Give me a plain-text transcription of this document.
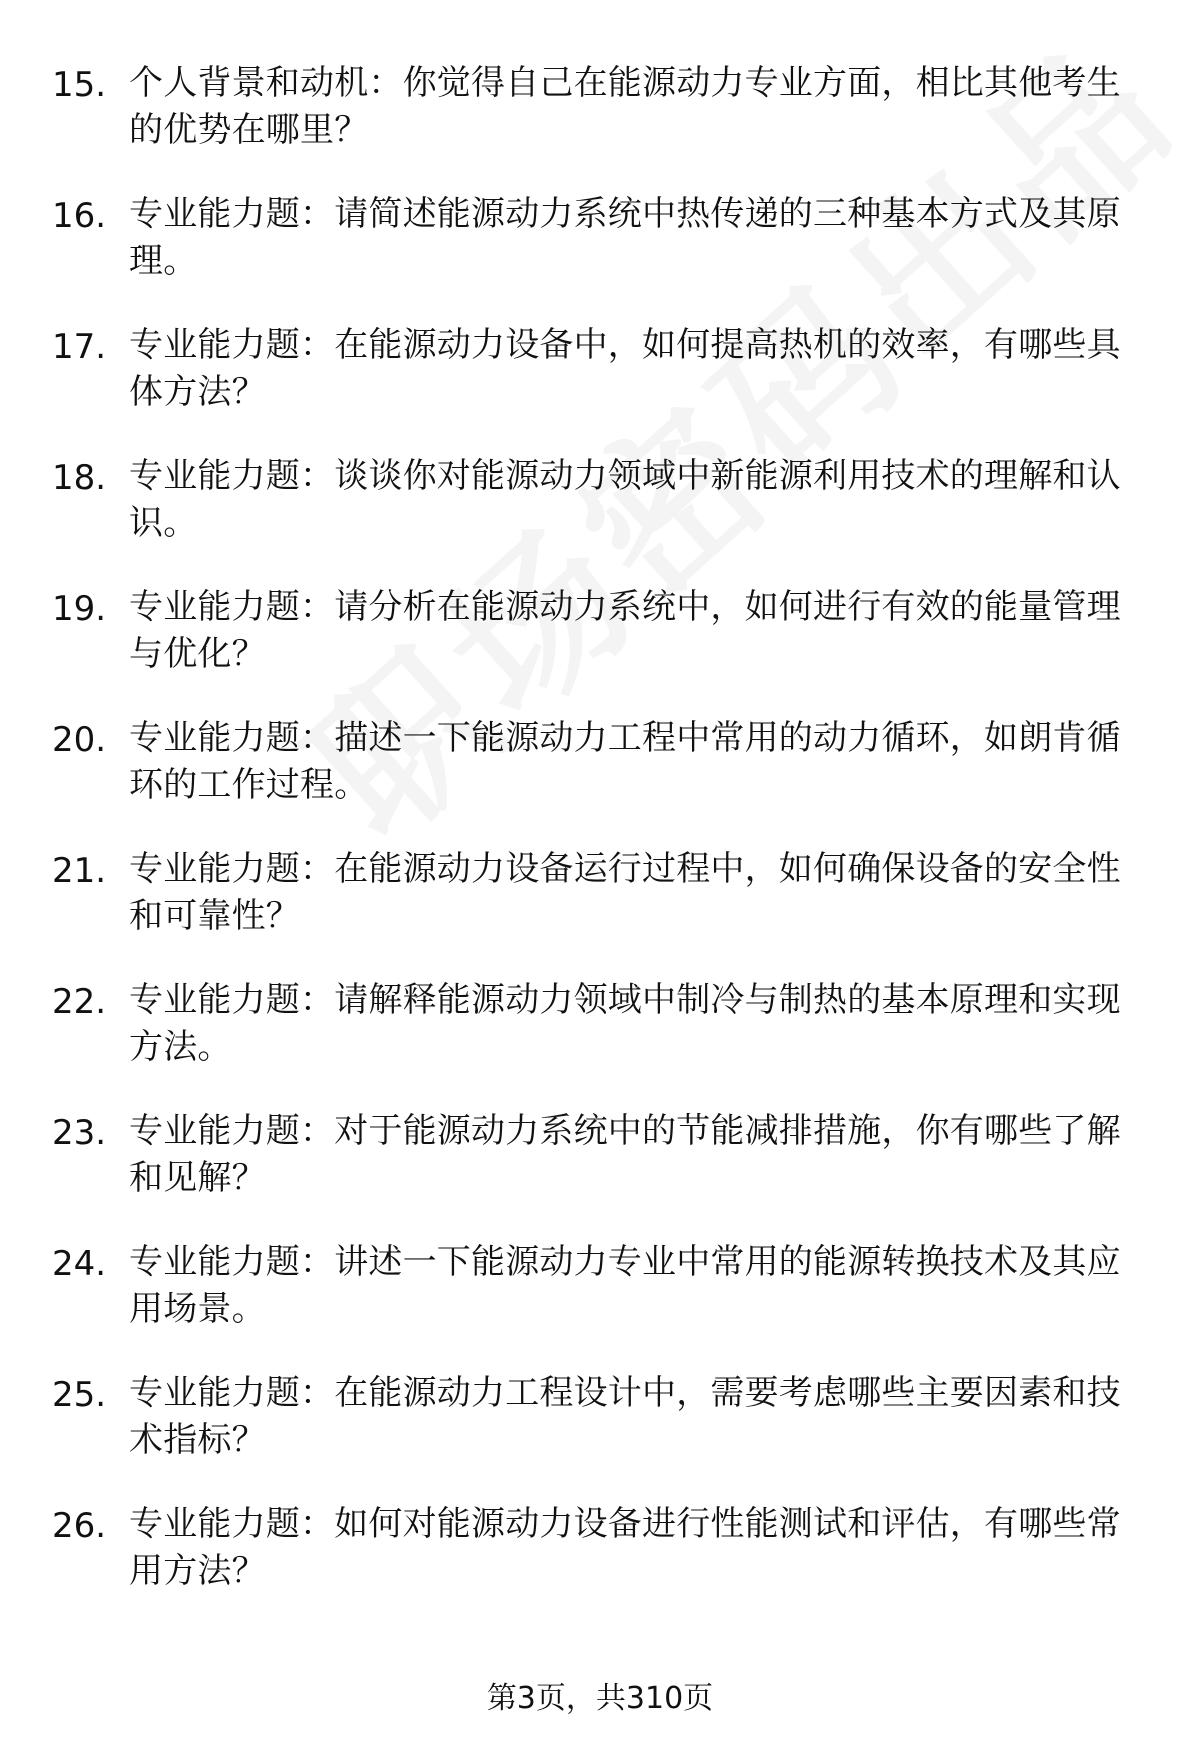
15. 个人背景和动机：你觉得自己在能源动力专业方面，相比其他考生的优势在哪里？
16. 专业能力题：请简述能源动力系统中热传递的三种基本方式及其原理。
17. 专业能力题：在能源动力设备中，如何提高热机的效率，有哪些具体方法？
18. 专业能力题：谈谈你对能源动力领域中新能源利用技术的理解和认识。
19. 专业能力题：请分析在能源动力系统中，如何进行有效的能量管理与优化？
20. 专业能力题：描述一下能源动力工程中常用的动力循环，如朗肯循环的工作过程。
21. 专业能力题：在能源动力设备运行过程中，如何确保设备的安全性和可靠性？
22. 专业能力题：请解释能源动力领域中制冷与制热的基本原理和实现方法。
23. 专业能力题：对于能源动力系统中的节能减排措施，你有哪些了解和见解？
24. 专业能力题：讲述一下能源动力专业中常用的能源转换技术及其应用场景。
25. 专业能力题：在能源动力工程设计中，需要考虑哪些主要因素和技术指标？
26. 专业能力题：如何对能源动力设备进行性能测试和评估，有哪些常用方法？
第3页，共310页
